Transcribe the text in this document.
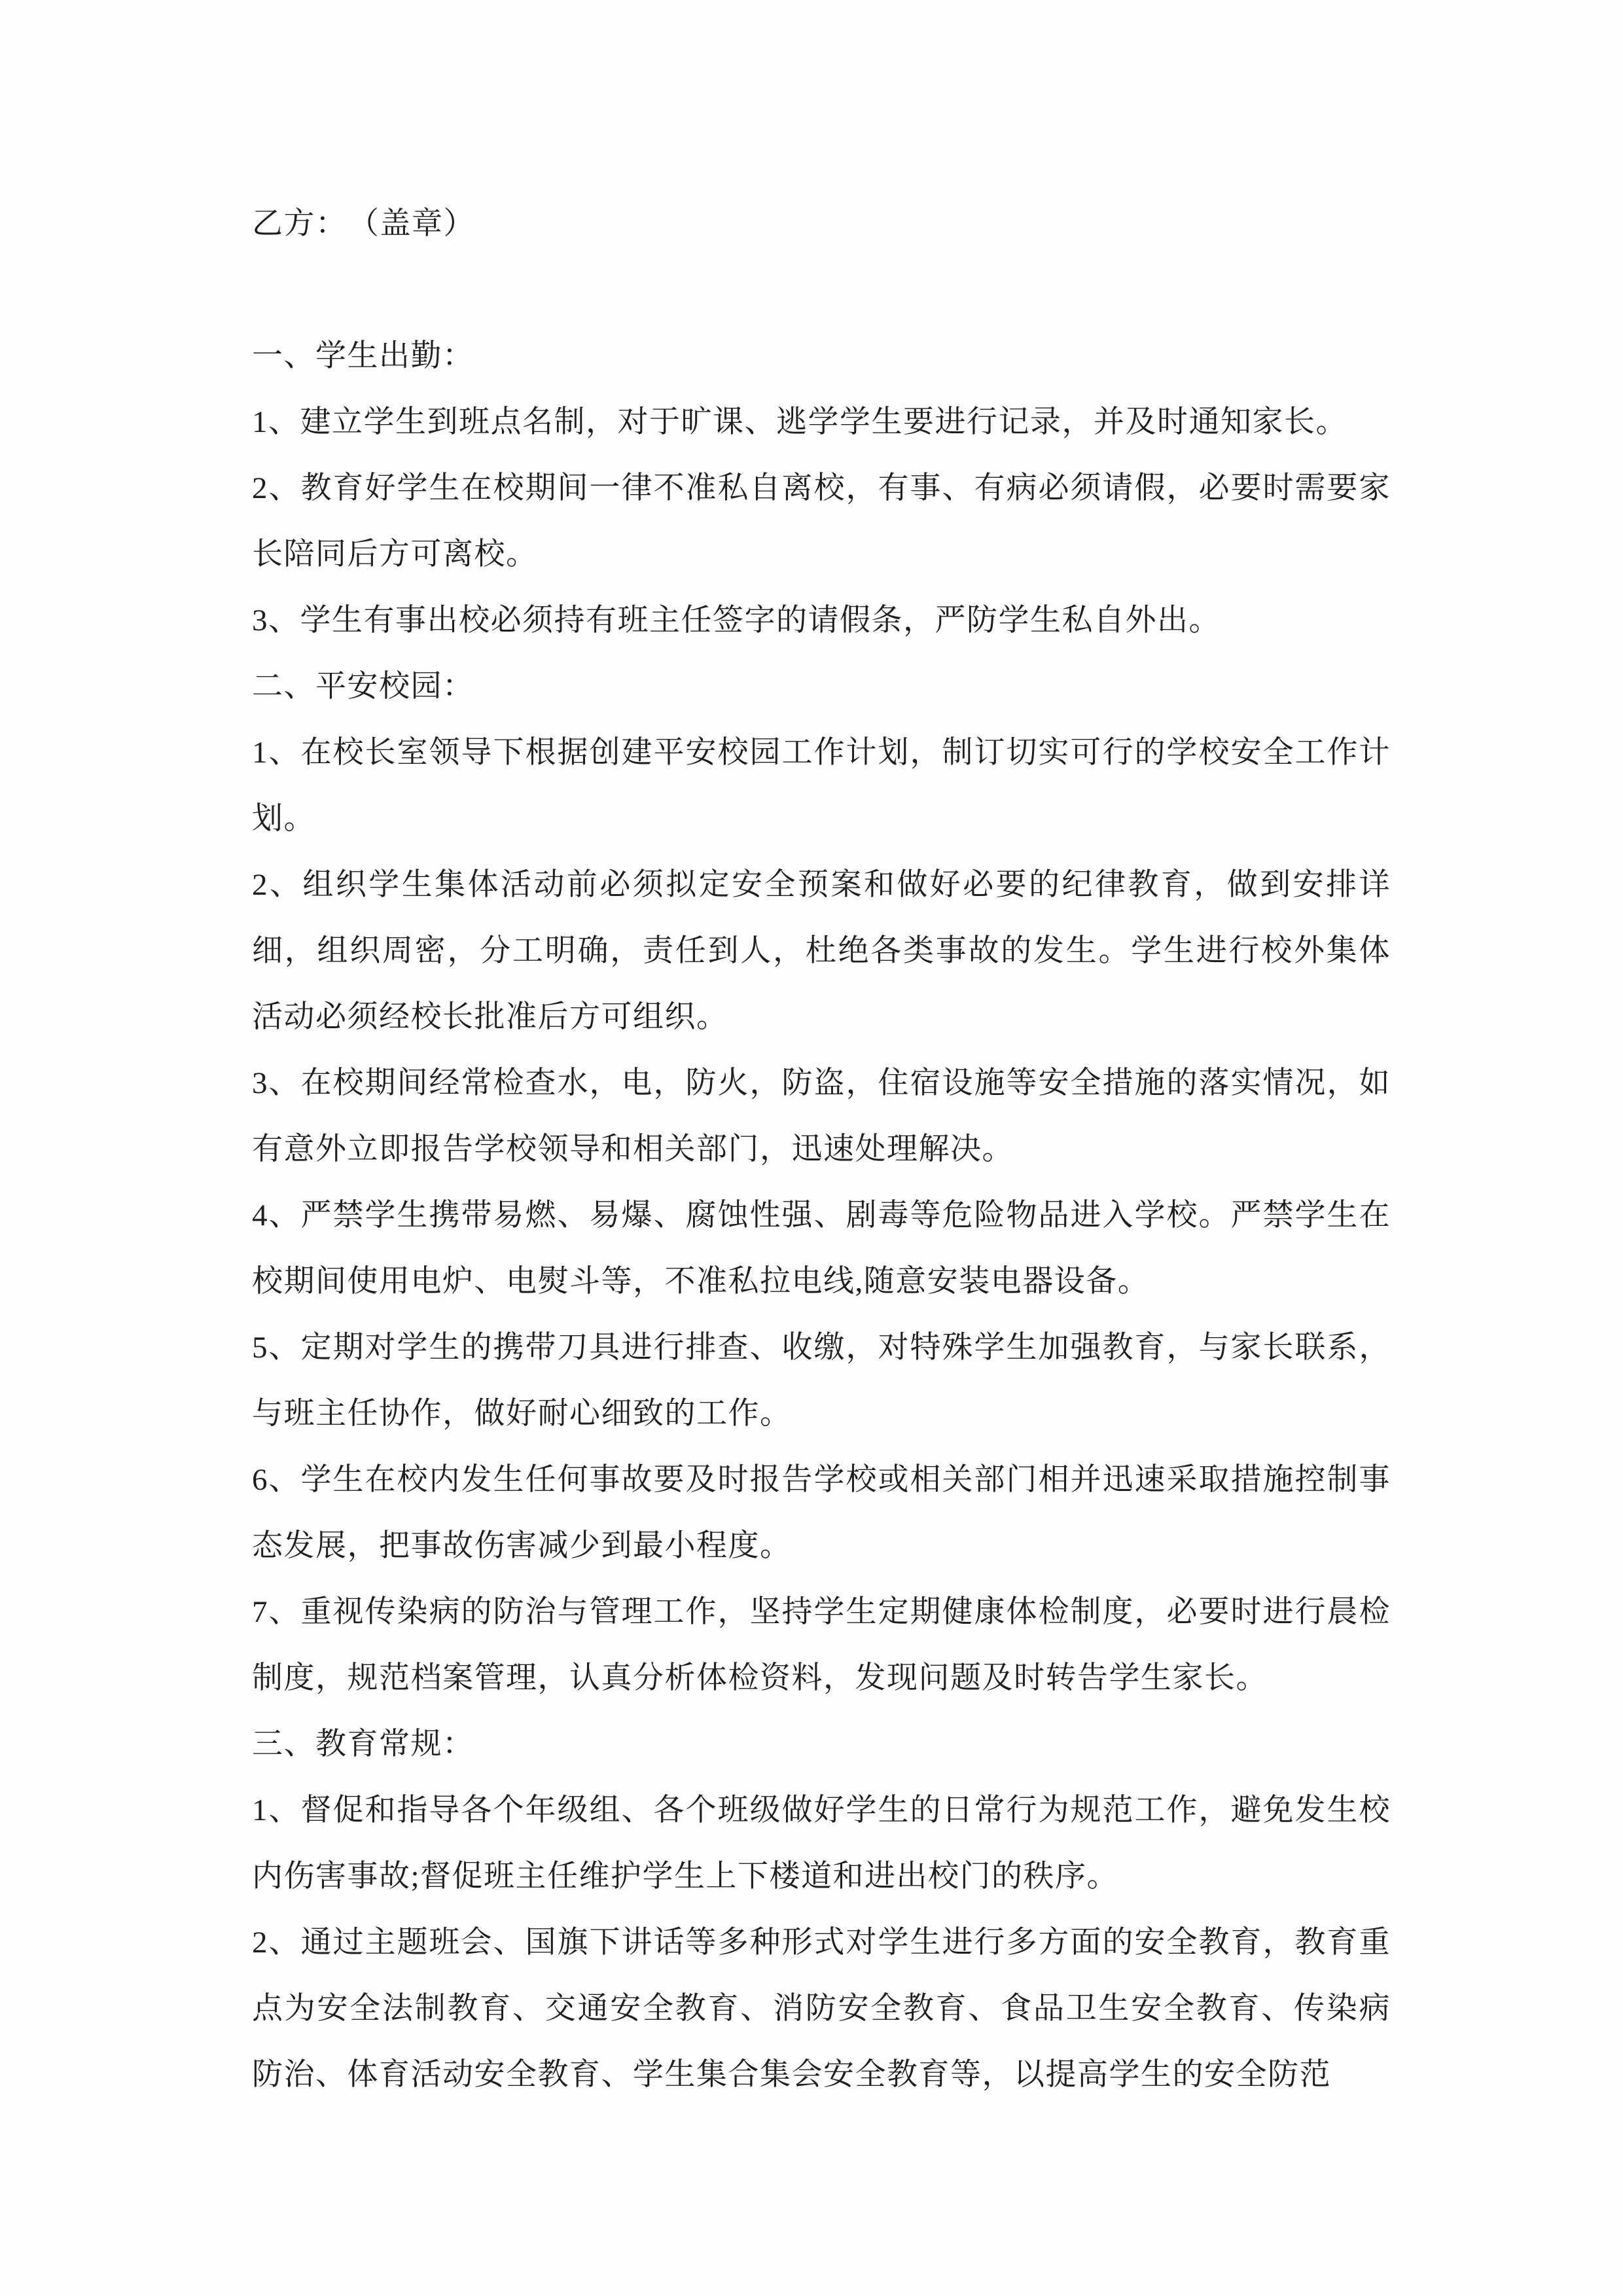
乙方：　（盖章）
一、学生出勤：
1、建立学生到班点名制，对于旷课、逃学学生要进行记录，并及时通知家长。
2、教育好学生在校期间一律不准私自离校，有事、有病必须请假，必要时需要家长陪同后方可离校。
3、学生有事出校必须持有班主任签字的请假条，严防学生私自外出。
二、平安校园：
1、在校长室领导下根据创建平安校园工作计划，制订切实可行的学校安全工作计划。
2、组织学生集体活动前必须拟定安全预案和做好必要的纪律教育，做到安排详细，组织周密，分工明确，责任到人，杜绝各类事故的发生。学生进行校外集体活动必须经校长批准后方可组织。
3、在校期间经常检查水，电，防火，防盗，住宿设施等安全措施的落实情况，如有意外立即报告学校领导和相关部门，迅速处理解决。
4、严禁学生携带易燃、易爆、腐蚀性强、剧毒等危险物品进入学校。严禁学生在校期间使用电炉、电熨斗等，不准私拉电线,随意安装电器设备。
5、定期对学生的携带刀具进行排查、收缴，对特殊学生加强教育，与家长联系，与班主任协作，做好耐心细致的工作。
6、学生在校内发生任何事故要及时报告学校或相关部门相并迅速采取措施控制事态发展，把事故伤害减少到最小程度。
7、重视传染病的防治与管理工作，坚持学生定期健康体检制度，必要时进行晨检制度，规范档案管理，认真分析体检资料，发现问题及时转告学生家长。
三、教育常规：
1、督促和指导各个年级组、各个班级做好学生的日常行为规范工作，避免发生校内伤害事故;督促班主任维护学生上下楼道和进出校门的秩序。
2、通过主题班会、国旗下讲话等多种形式对学生进行多方面的安全教育，教育重点为安全法制教育、交通安全教育、消防安全教育、食品卫生安全教育、传染病防治、体育活动安全教育、学生集合集会安全教育等，以提高学生的安全防范
